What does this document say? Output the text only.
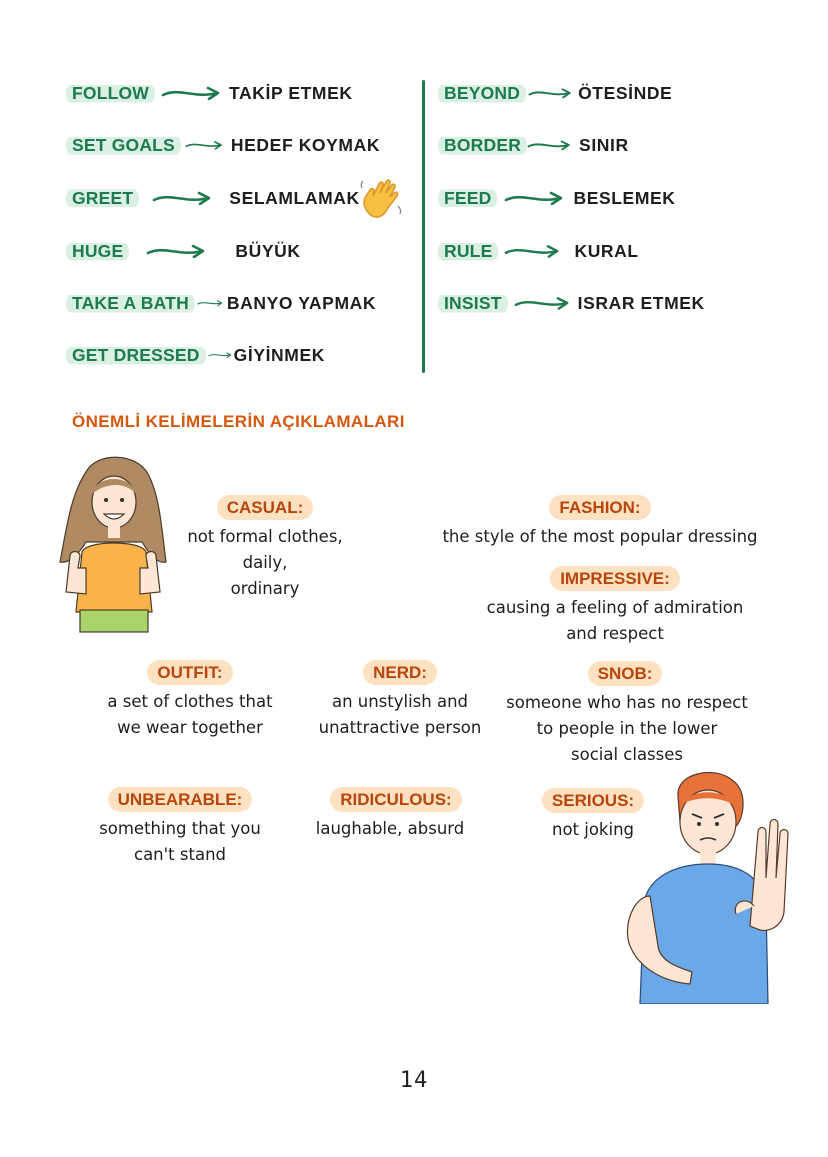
FOLLOW	TAKİP ETMEK
SET GOALS	HEDEF KOYMAK
GREET	SELAMLAMAK
HUGE	BÜYÜK
TAKE A BATH	BANYO YAPMAK
GET DRESSED	GİYİNMEK
BEYOND	ÖTESİNDE
BORDER	SINIR
FEED	BESLEMEK
RULE	KURAL
INSIST	ISRAR ETMEK
ÖNEMLİ KELİMELERİN AÇIKLAMALARI
CASUAL:
not formal clothes,
daily,
ordinary
FASHION:
the style of the most popular dressing
IMPRESSIVE:
causing a feeling of admiration
and respect
OUTFIT:
a set of clothes that
we wear together
NERD:
an unstylish and
unattractive person
SNOB:
someone who has no respect
to people in the lower
social classes
UNBEARABLE:
something that you
can't stand
RIDICULOUS:
laughable, absurd
SERIOUS:
not joking
14
